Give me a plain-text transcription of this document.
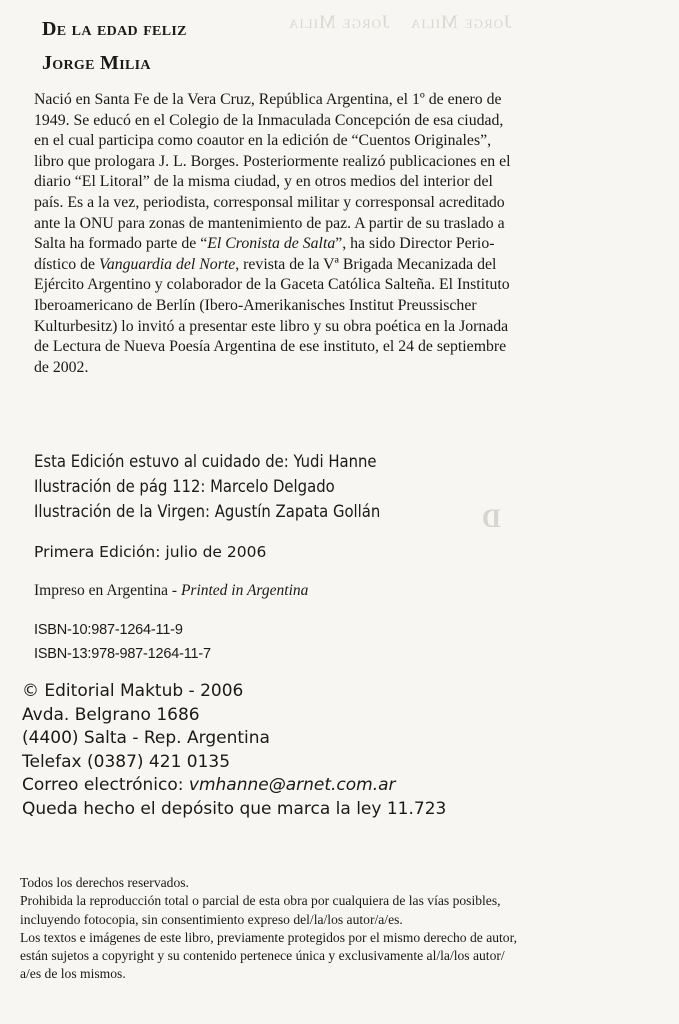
Jorge Milia Jorge Milia
D
De la edad feliz
Jorge Milia
Nació en Santa Fe de la Vera Cruz, República Argentina, el 1º de enero de
1949. Se educó en el Colegio de la Inmaculada Concepción de esa ciudad,
en el cual participa como coautor en la edición de “Cuentos Originales”,
libro que prologara J. L. Borges. Posteriormente realizó publicaciones en el
diario “El Litoral” de la misma ciudad, y en otros medios del interior del
país. Es a la vez, periodista, corresponsal militar y corresponsal acreditado
ante la ONU para zonas de mantenimiento de paz. A partir de su traslado a
Salta ha formado parte de “El Cronista de Salta”, ha sido Director Perio-
dístico de Vanguardia del Norte, revista de la Vª Brigada Mecanizada del
Ejército Argentino y colaborador de la Gaceta Católica Salteña. El Instituto
Iberoamericano de Berlín (Ibero-Amerikanisches Institut Preussischer
Kulturbesitz) lo invitó a presentar este libro y su obra poética en la Jornada
de Lectura de Nueva Poesía Argentina de ese instituto, el 24 de septiembre
de 2002.
Esta Edición estuvo al cuidado de: Yudi Hanne
Ilustración de pág 112: Marcelo Delgado
Ilustración de la Virgen: Agustín Zapata Gollán
Primera Edición: julio de 2006
Impreso en Argentina - Printed in Argentina
ISBN-10:987-1264-11-9
ISBN-13:978-987-1264-11-7
© Editorial Maktub - 2006
Avda. Belgrano 1686
(4400) Salta - Rep. Argentina
Telefax (0387) 421 0135
Correo electrónico: vmhanne@arnet.com.ar
Queda hecho el depósito que marca la ley 11.723
Todos los derechos reservados.
Prohibida la reproducción total o parcial de esta obra por cualquiera de las vías posibles,
incluyendo fotocopia, sin consentimiento expreso del/la/los autor/a/es.
Los textos e imágenes de este libro, previamente protegidos por el mismo derecho de autor,
están sujetos a copyright y su contenido pertenece única y exclusivamente al/la/los autor/
a/es de los mismos.
